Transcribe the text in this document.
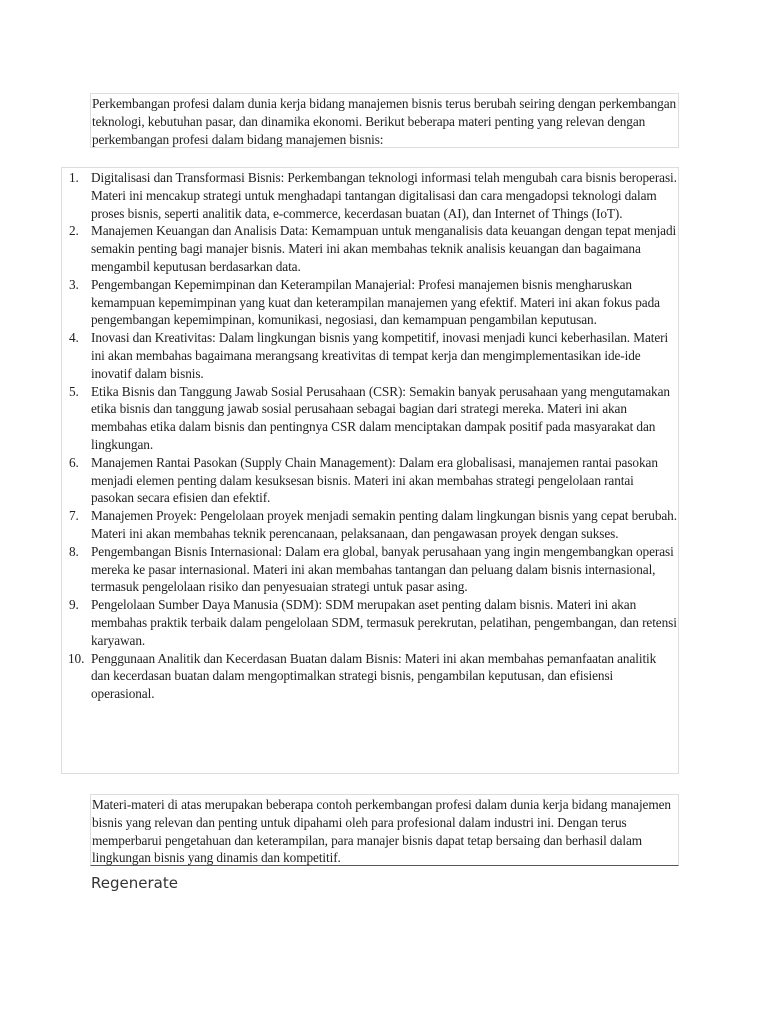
Perkembangan profesi dalam dunia kerja bidang manajemen bisnis terus berubah seiring dengan perkembangan teknologi, kebutuhan pasar, dan dinamika ekonomi. Berikut beberapa materi penting yang relevan dengan perkembangan profesi dalam bidang manajemen bisnis:

1. Digitalisasi dan Transformasi Bisnis: Perkembangan teknologi informasi telah mengubah cara bisnis beroperasi. Materi ini mencakup strategi untuk menghadapi tantangan digitalisasi dan cara mengadopsi teknologi dalam proses bisnis, seperti analitik data, e-commerce, kecerdasan buatan (AI), dan Internet of Things (IoT).
2. Manajemen Keuangan dan Analisis Data: Kemampuan untuk menganalisis data keuangan dengan tepat menjadi semakin penting bagi manajer bisnis. Materi ini akan membahas teknik analisis keuangan dan bagaimana mengambil keputusan berdasarkan data.
3. Pengembangan Kepemimpinan dan Keterampilan Manajerial: Profesi manajemen bisnis mengharuskan kemampuan kepemimpinan yang kuat dan keterampilan manajemen yang efektif. Materi ini akan fokus pada pengembangan kepemimpinan, komunikasi, negosiasi, dan kemampuan pengambilan keputusan.
4. Inovasi dan Kreativitas: Dalam lingkungan bisnis yang kompetitif, inovasi menjadi kunci keberhasilan. Materi ini akan membahas bagaimana merangsang kreativitas di tempat kerja dan mengimplementasikan ide-ide inovatif dalam bisnis.
5. Etika Bisnis dan Tanggung Jawab Sosial Perusahaan (CSR): Semakin banyak perusahaan yang mengutamakan etika bisnis dan tanggung jawab sosial perusahaan sebagai bagian dari strategi mereka. Materi ini akan membahas etika dalam bisnis dan pentingnya CSR dalam menciptakan dampak positif pada masyarakat dan lingkungan.
6. Manajemen Rantai Pasokan (Supply Chain Management): Dalam era globalisasi, manajemen rantai pasokan menjadi elemen penting dalam kesuksesan bisnis. Materi ini akan membahas strategi pengelolaan rantai pasokan secara efisien dan efektif.
7. Manajemen Proyek: Pengelolaan proyek menjadi semakin penting dalam lingkungan bisnis yang cepat berubah. Materi ini akan membahas teknik perencanaan, pelaksanaan, dan pengawasan proyek dengan sukses.
8. Pengembangan Bisnis Internasional: Dalam era global, banyak perusahaan yang ingin mengembangkan operasi mereka ke pasar internasional. Materi ini akan membahas tantangan dan peluang dalam bisnis internasional, termasuk pengelolaan risiko dan penyesuaian strategi untuk pasar asing.
9. Pengelolaan Sumber Daya Manusia (SDM): SDM merupakan aset penting dalam bisnis. Materi ini akan membahas praktik terbaik dalam pengelolaan SDM, termasuk perekrutan, pelatihan, pengembangan, dan retensi karyawan.
10. Penggunaan Analitik dan Kecerdasan Buatan dalam Bisnis: Materi ini akan membahas pemanfaatan analitik dan kecerdasan buatan dalam mengoptimalkan strategi bisnis, pengambilan keputusan, dan efisiensi operasional.

Materi-materi di atas merupakan beberapa contoh perkembangan profesi dalam dunia kerja bidang manajemen bisnis yang relevan dan penting untuk dipahami oleh para profesional dalam industri ini. Dengan terus memperbarui pengetahuan dan keterampilan, para manajer bisnis dapat tetap bersaing dan berhasil dalam lingkungan bisnis yang dinamis dan kompetitif.

Regenerate
